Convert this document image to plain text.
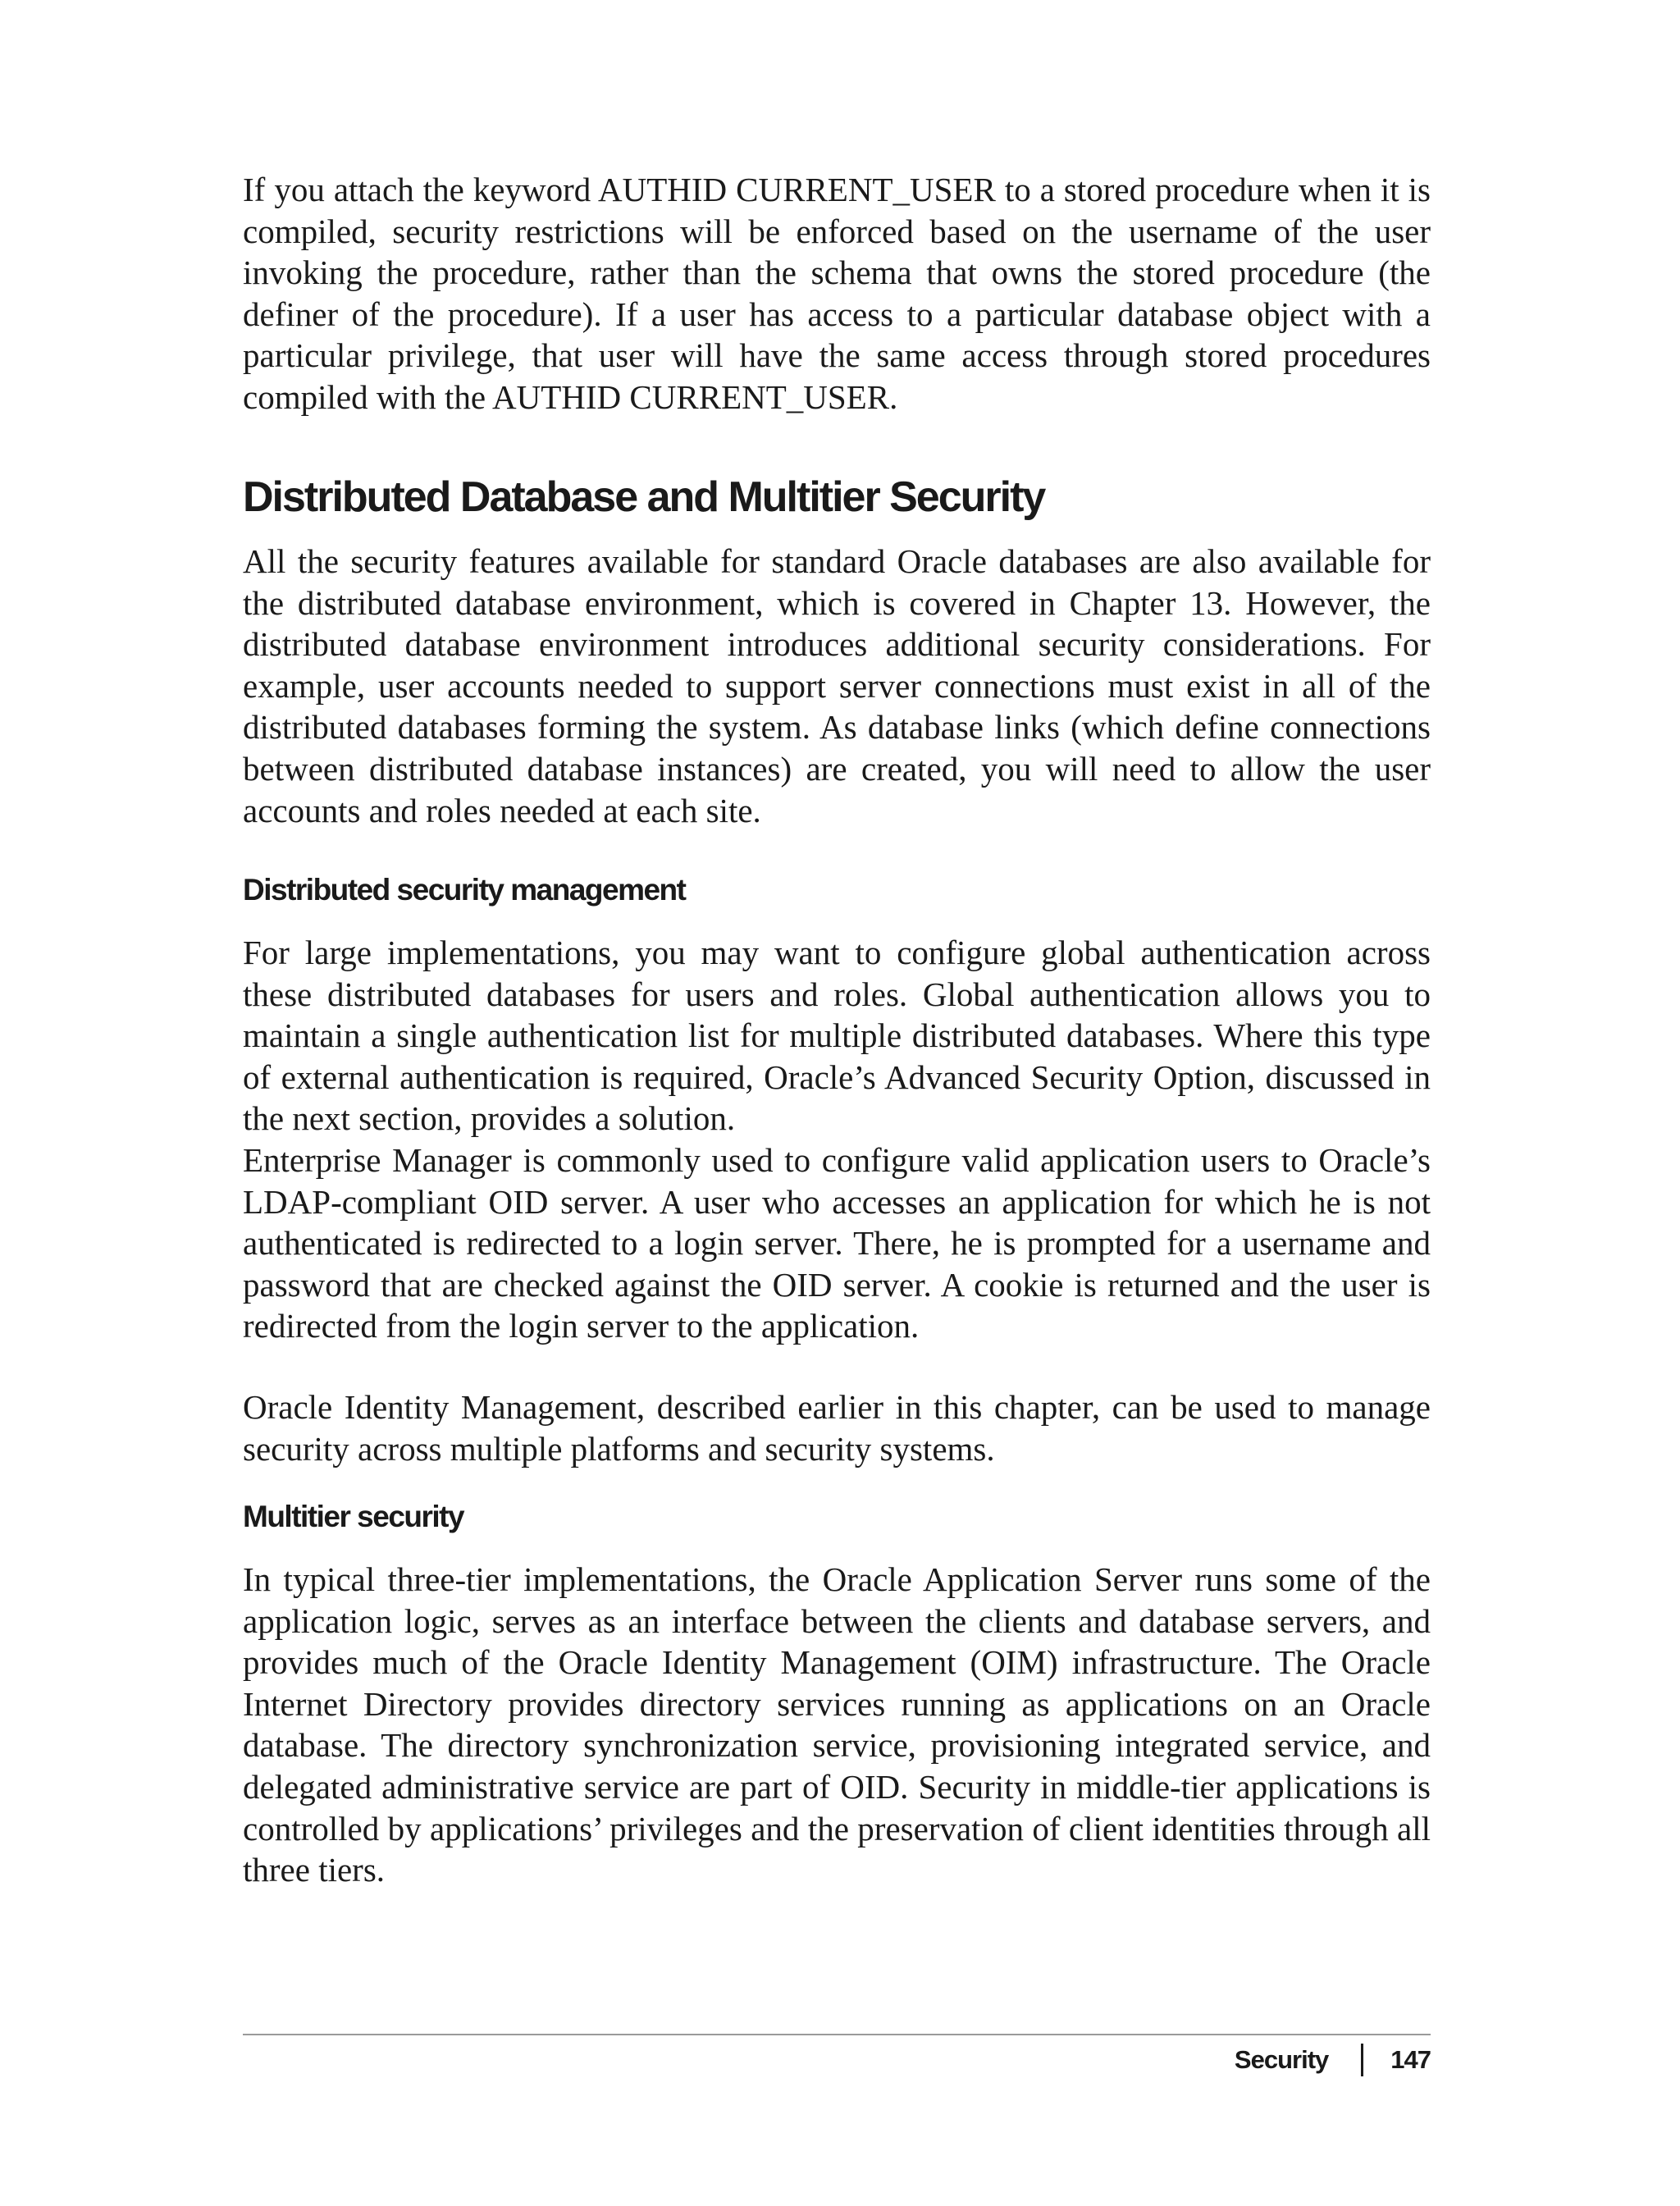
If you attach the keyword AUTHID CURRENT_USER to a stored procedure when it is compiled, security restrictions will be enforced based on the username of the user invoking the procedure, rather than the schema that owns the stored procedure (the definer of the procedure). If a user has access to a particular database object with a particular privilege, that user will have the same access through stored procedures compiled with the AUTHID CURRENT_USER.

Distributed Database and Multitier Security

All the security features available for standard Oracle databases are also available for the distributed database environment, which is covered in Chapter 13. However, the distributed database environment introduces additional security considerations. For example, user accounts needed to support server connections must exist in all of the distributed databases forming the system. As database links (which define connections between distributed database instances) are created, you will need to allow the user accounts and roles needed at each site.

Distributed security management

For large implementations, you may want to configure global authentication across these distributed databases for users and roles. Global authentication allows you to maintain a single authentication list for multiple distributed databases. Where this type of external authentication is required, Oracle’s Advanced Security Option, discussed in the next section, provides a solution.

Enterprise Manager is commonly used to configure valid application users to Oracle’s LDAP-compliant OID server. A user who accesses an application for which he is not authenticated is redirected to a login server. There, he is prompted for a username and password that are checked against the OID server. A cookie is returned and the user is redirected from the login server to the application.

Oracle Identity Management, described earlier in this chapter, can be used to manage security across multiple platforms and security systems.

Multitier security

In typical three-tier implementations, the Oracle Application Server runs some of the application logic, serves as an interface between the clients and database servers, and provides much of the Oracle Identity Management (OIM) infrastructure. The Oracle Internet Directory provides directory services running as applications on an Oracle database. The directory synchronization service, provisioning integrated service, and delegated administrative service are part of OID. Security in middle-tier applications is controlled by applications’ privileges and the preservation of client identities through all three tiers.

Security 147
